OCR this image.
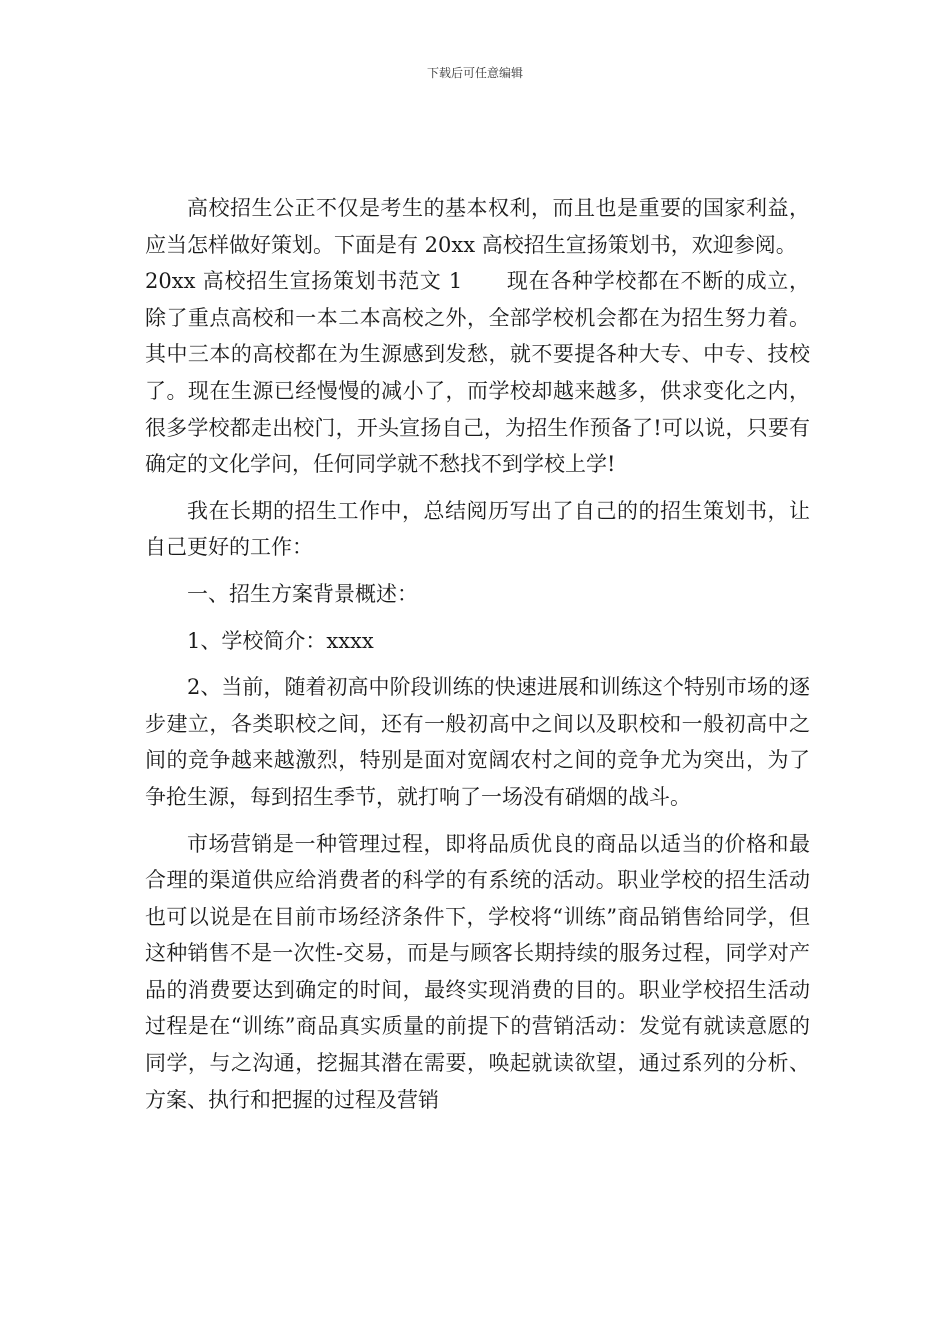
下载后可任意编辑

高校招生公正不仅是考生的基本权利，而且也是重要的国家利益，应当怎样做好策划。下面是有 20xx 高校招生宣扬策划书，欢迎参阅。

20xx 高校招生宣扬策划书范文 1 现在各种学校都在不断的成立，除了重点高校和一本二本高校之外，全部学校机会都在为招生努力着。其中三本的高校都在为生源感到发愁，就不要提各种大专、中专、技校了。现在生源已经慢慢的减小了，而学校却越来越多，供求变化之内，很多学校都走出校门，开头宣扬自己，为招生作预备了!可以说，只要有确定的文化学问，任何同学就不愁找不到学校上学!

我在长期的招生工作中，总结阅历写出了自己的的招生策划书，让自己更好的工作：

一、招生方案背景概述：

1、学校简介：xxxx

2、当前，随着初高中阶段训练的快速进展和训练这个特别市场的逐步建立，各类职校之间，还有一般初高中之间以及职校和一般初高中之间的竞争越来越激烈，特别是面对宽阔农村之间的竞争尤为突出，为了争抢生源，每到招生季节，就打响了一场没有硝烟的战斗。

市场营销是一种管理过程，即将品质优良的商品以适当的价格和最合理的渠道供应给消费者的科学的有系统的活动。职业学校的招生活动也可以说是在目前市场经济条件下，学校将“训练”商品销售给同学，但这种销售不是一次性-交易，而是与顾客长期持续的服务过程，同学对产品的消费要达到确定的时间，最终实现消费的目的。职业学校招生活动过程是在“训练”商品真实质量的前提下的营销活动：发觉有就读意愿的同学，与之沟通，挖掘其潜在需要，唤起就读欲望，通过系列的分析、方案、执行和把握的过程及营销
